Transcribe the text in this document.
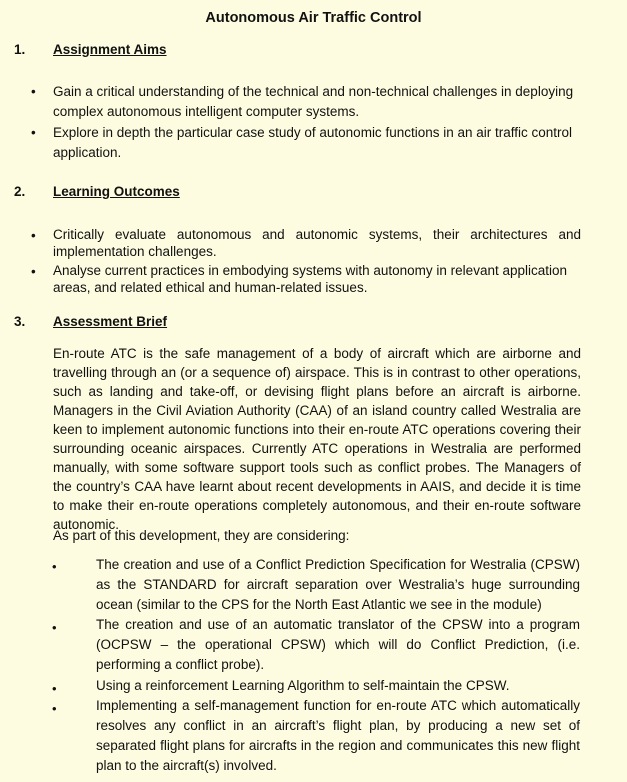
Autonomous Air Traffic Control
1. Assignment Aims
• Gain a critical understanding of the technical and non-technical challenges in deploying complex autonomous intelligent computer systems.
• Explore in depth the particular case study of autonomic functions in an air traffic control application.
2. Learning Outcomes
• Critically evaluate autonomous and autonomic systems, their architectures and implementation challenges.
• Analyse current practices in embodying systems with autonomy in relevant application areas, and related ethical and human-related issues.
3. Assessment Brief
En-route ATC is the safe management of a body of aircraft which are airborne and travelling through an (or a sequence of) airspace. This is in contrast to other operations, such as landing and take-off, or devising flight plans before an aircraft is airborne. Managers in the Civil Aviation Authority (CAA) of an island country called Westralia are keen to implement autonomic functions into their en-route ATC operations covering their surrounding oceanic airspaces. Currently ATC operations in Westralia are performed manually, with some software support tools such as conflict probes. The Managers of the country’s CAA have learnt about recent developments in AAIS, and decide it is time to make their en-route operations completely autonomous, and their en-route software autonomic.
As part of this development, they are considering:
•	The creation and use of a Conflict Prediction Specification for Westralia (CPSW) as the STANDARD for aircraft separation over Westralia’s huge surrounding ocean (similar to the CPS for the North East Atlantic we see in the module)
•	The creation and use of an automatic translator of the CPSW into a program (OCPSW – the operational CPSW) which will do Conflict Prediction, (i.e. performing a conflict probe).
•	Using a reinforcement Learning Algorithm to self-maintain the CPSW.
•	Implementing a self-management function for en-route ATC which automatically resolves any conflict in an aircraft’s flight plan, by producing a new set of separated flight plans for aircrafts in the region and communicates this new flight plan to the aircraft(s) involved.
